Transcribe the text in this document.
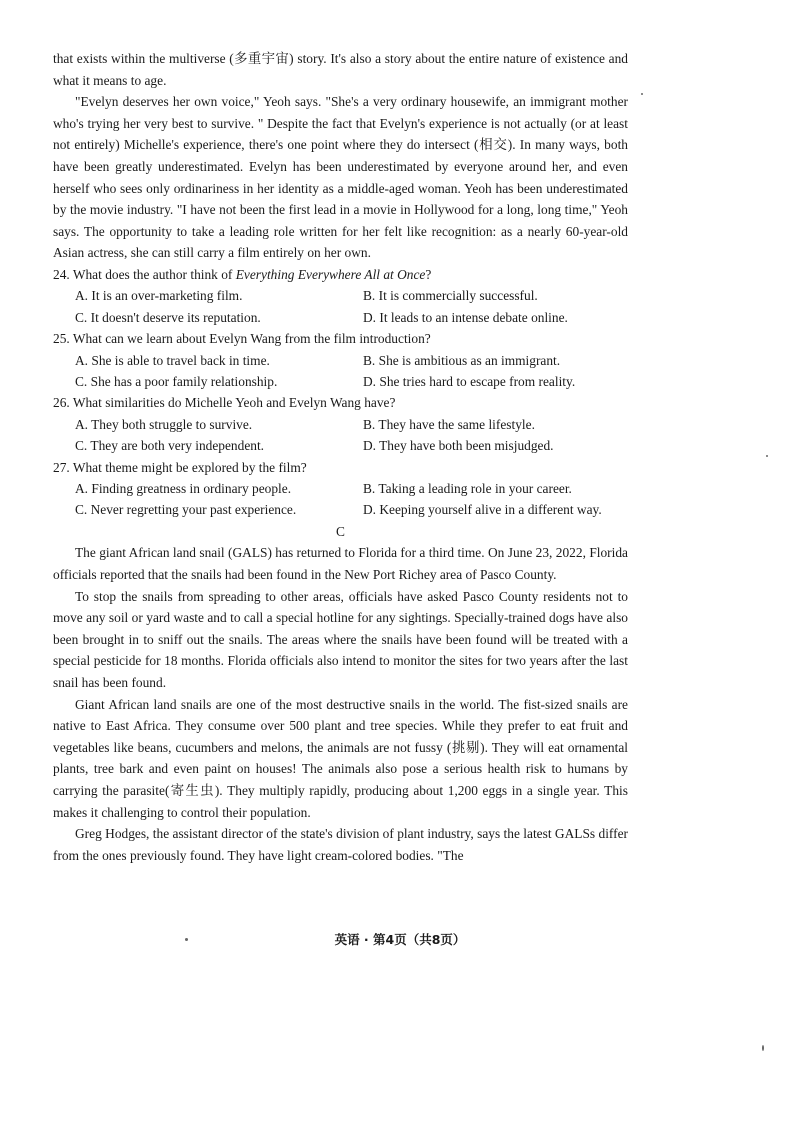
that exists within the multiverse (多重宇宙) story. It's also a story about the entire nature of existence and what it means to age.

"Evelyn deserves her own voice," Yeoh says. "She's a very ordinary housewife, an immigrant mother who's trying her very best to survive. " Despite the fact that Evelyn's experience is not actually (or at least not entirely) Michelle's experience, there's one point where they do intersect (相交). In many ways, both have been greatly underestimated. Evelyn has been underestimated by everyone around her, and even herself who sees only ordinariness in her identity as a middle-aged woman. Yeoh has been underestimated by the movie industry. "I have not been the first lead in a movie in Hollywood for a long, long time," Yeoh says. The opportunity to take a leading role written for her felt like recognition: as a nearly 60-year-old Asian actress, she can still carry a film entirely on her own.

24. What does the author think of Everything Everywhere All at Once?
A. It is an over-marketing film.	B. It is commercially successful.
C. It doesn't deserve its reputation.	D. It leads to an intense debate online.
25. What can we learn about Evelyn Wang from the film introduction?
A. She is able to travel back in time.	B. She is ambitious as an immigrant.
C. She has a poor family relationship.	D. She tries hard to escape from reality.
26. What similarities do Michelle Yeoh and Evelyn Wang have?
A. They both struggle to survive.	B. They have the same lifestyle.
C. They are both very independent.	D. They have both been misjudged.
27. What theme might be explored by the film?
A. Finding greatness in ordinary people.	B. Taking a leading role in your career.
C. Never regretting your past experience.	D. Keeping yourself alive in a different way.
C

The giant African land snail (GALS) has returned to Florida for a third time. On June 23, 2022, Florida officials reported that the snails had been found in the New Port Richey area of Pasco County.

To stop the snails from spreading to other areas, officials have asked Pasco County residents not to move any soil or yard waste and to call a special hotline for any sightings. Specially-trained dogs have also been brought in to sniff out the snails. The areas where the snails have been found will be treated with a special pesticide for 18 months. Florida officials also intend to monitor the sites for two years after the last snail has been found.

Giant African land snails are one of the most destructive snails in the world. The fist-sized snails are native to East Africa. They consume over 500 plant and tree species. While they prefer to eat fruit and vegetables like beans, cucumbers and melons, the animals are not fussy (挑剔). They will eat ornamental plants, tree bark and even paint on houses! The animals also pose a serious health risk to humans by carrying the parasite(寄生虫). They multiply rapidly, producing about 1,200 eggs in a single year. This makes it challenging to control their population.

Greg Hodges, the assistant director of the state's division of plant industry, says the latest GALSs differ from the ones previously found. They have light cream-colored bodies. "The

英语 · 第4页（共8页）
